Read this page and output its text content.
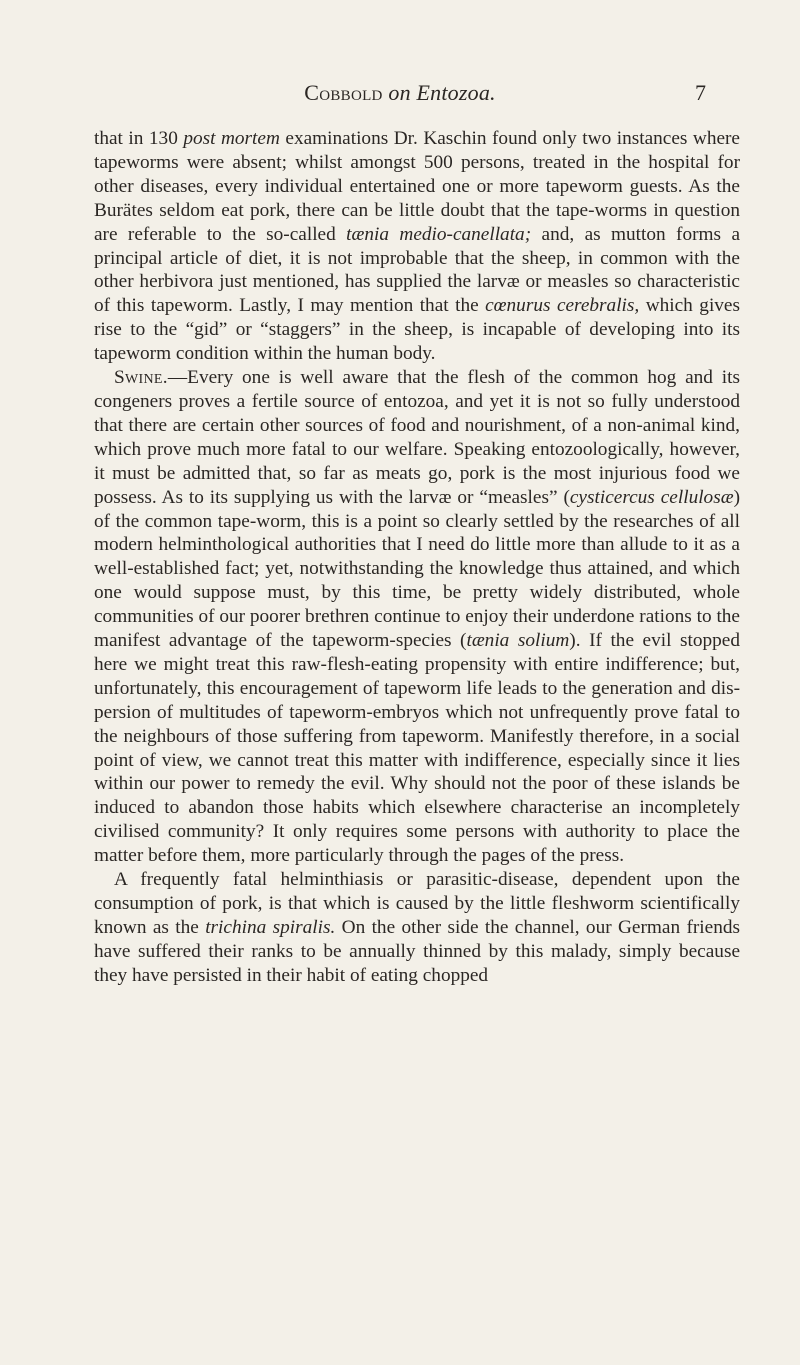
Cobbold on Entozoa.	7

that in 130 post mortem examinations Dr. Kaschin found only two instances where tapeworms were absent; whilst amongst 500 persons, treated in the hospital for other diseases, every individual entertained one or more tapeworm guests. As the Burätes seldom eat pork, there can be little doubt that the tape-worms in question are referable to the so-called tænia medio-canellata; and, as mutton forms a principal article of diet, it is not improbable that the sheep, in common with the other herbivora just mentioned, has supplied the larvæ or measles so characteristic of this tapeworm. Lastly, I may mention that the cœnurus cerebralis, which gives rise to the “gid” or “staggers” in the sheep, is incapable of developing into its tapeworm condition within the human body.

Swine.—Every one is well aware that the flesh of the common hog and its congeners proves a fertile source of entozoa, and yet it is not so fully understood that there are certain other sources of food and nourishment, of a non-animal kind, which prove much more fatal to our welfare. Speaking entozoologically, however, it must be admitted that, so far as meats go, pork is the most injurious food we possess. As to its supplying us with the larvæ or “measles” (cysticercus cellulosæ) of the common tape-worm, this is a point so clearly settled by the researches of all modern helminthological authorities that I need do little more than allude to it as a well-established fact; yet, notwithstanding the knowledge thus attained, and which one would suppose must, by this time, be pretty widely distributed, whole communities of our poorer brethren continue to enjoy their underdone rations to the manifest advantage of the tapeworm-species (tænia solium). If the evil stopped here we might treat this raw-flesh-eating propensity with entire indifference; but, unfortunately, this encouragement of tapeworm life leads to the generation and dis-persion of multitudes of tapeworm-embryos which not unfrequently prove fatal to the neighbours of those suffering from tapeworm. Manifestly therefore, in a social point of view, we cannot treat this matter with indifference, especially since it lies within our power to remedy the evil. Why should not the poor of these islands be induced to abandon those habits which elsewhere characterise an incompletely civilised community? It only requires some persons with authority to place the matter before them, more particularly through the pages of the press.

A frequently fatal helminthiasis or parasitic-disease, dependent upon the consumption of pork, is that which is caused by the little fleshworm scientifically known as the trichina spiralis. On the other side the channel, our German friends have suffered their ranks to be annually thinned by this malady, simply because they have persisted in their habit of eating chopped
